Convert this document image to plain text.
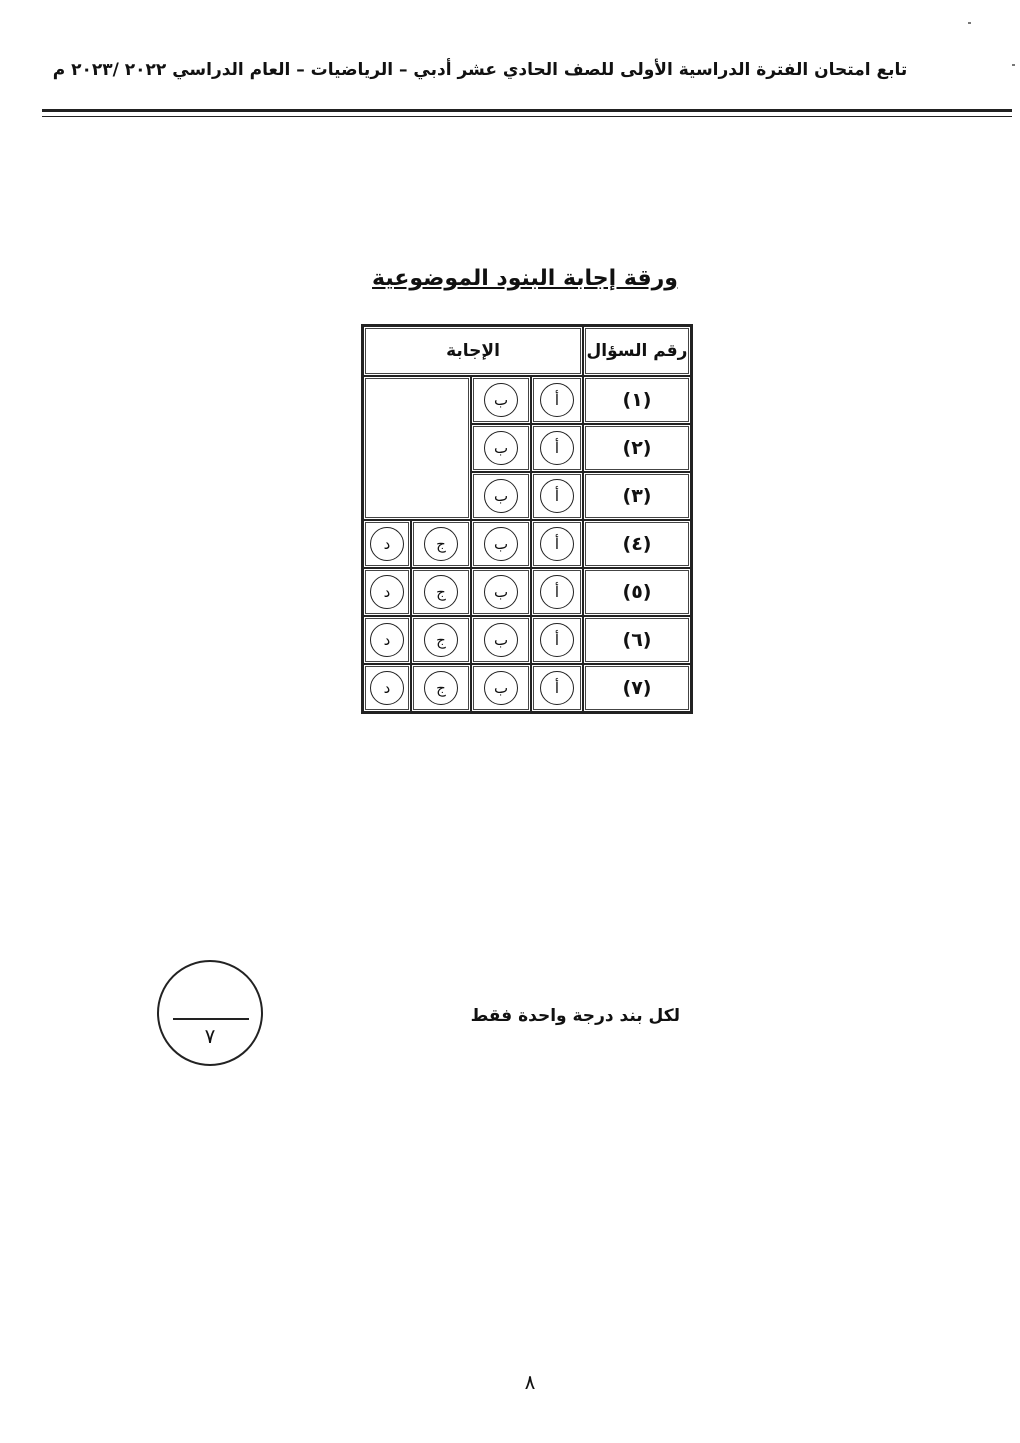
تابع امتحان الفترة الدراسية الأولى للصف الحادي عشر أدبي – الرياضيات – العام الدراسي ٢٠٢٢ /٢٠٢٣ م
ورقة إجابة البنود الموضوعية
الإجابة				رقم السؤال
		ب	أ	(١)
		ب	أ	(٢)
		ب	أ	(٣)
د	ج	ب	أ	(٤)
د	ج	ب	أ	(٥)
د	ج	ب	أ	(٦)
د	ج	ب	أ	(٧)
٧
لكل بند درجة واحدة فقط
٨
